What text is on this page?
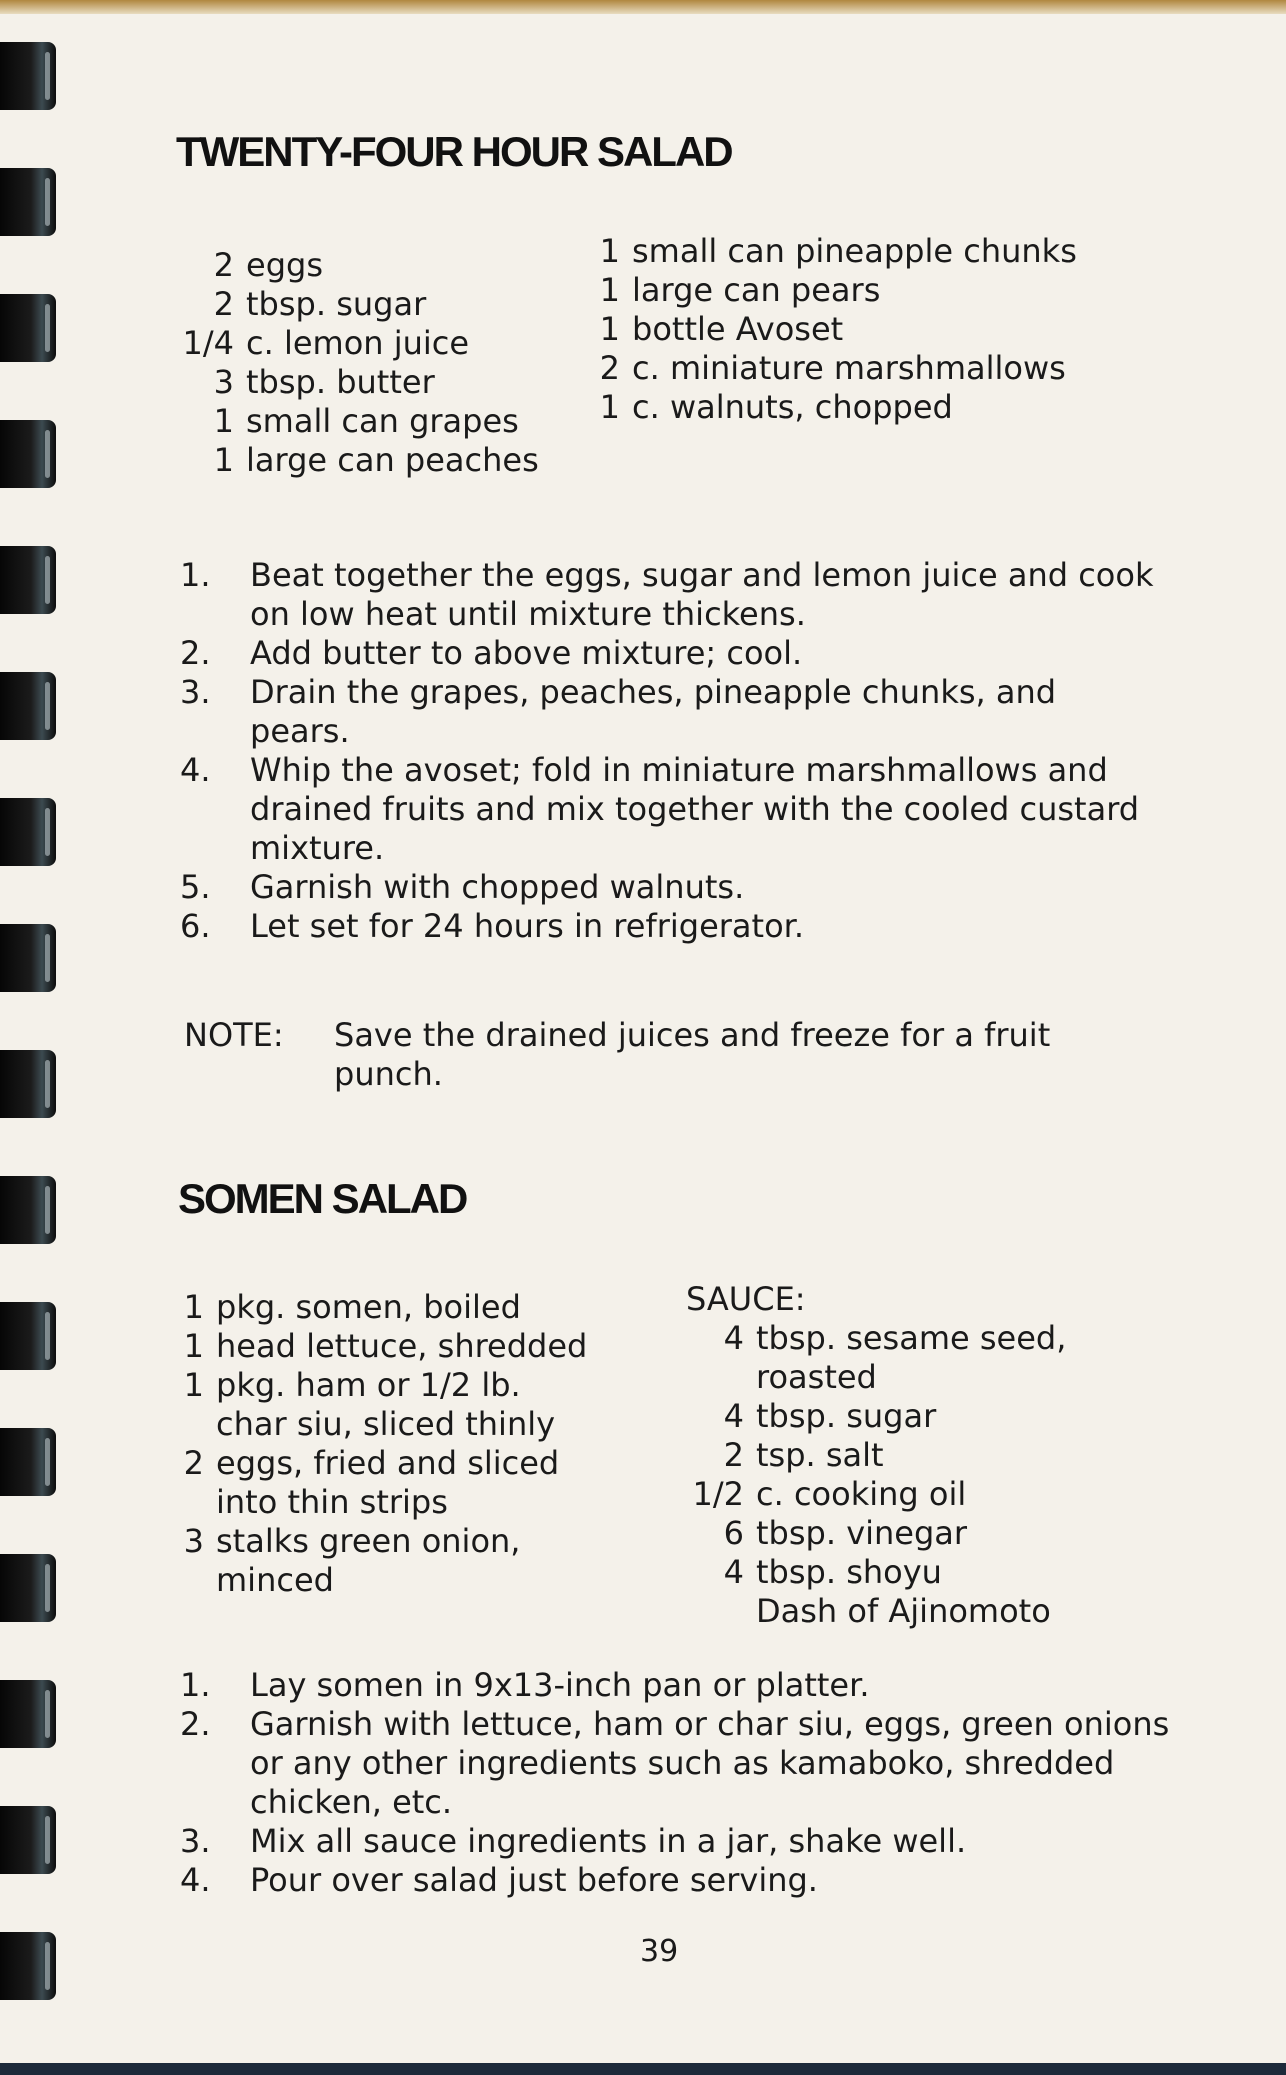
TWENTY-FOUR HOUR SALAD
2 eggs
2 tbsp. sugar
1/4 c. lemon juice
3 tbsp. butter
1 small can grapes
1 large can peaches
1 small can pineapple chunks
1 large can pears
1 bottle Avoset
2 c. miniature marshmallows
1 c. walnuts, chopped
1.	Beat together the eggs, sugar and lemon juice and cook on low heat until mixture thickens.
2.	Add butter to above mixture; cool.
3.	Drain the grapes, peaches, pineapple chunks, and pears.
4.	Whip the avoset; fold in miniature marshmallows and drained fruits and mix together with the cooled custard mixture.
5.	Garnish with chopped walnuts.
6.	Let set for 24 hours in refrigerator.
NOTE:	Save the drained juices and freeze for a fruit punch.
SOMEN SALAD
1 pkg. somen, boiled
1 head lettuce, shredded
1 pkg. ham or 1/2 lb.
char siu, sliced thinly
2 eggs, fried and sliced
into thin strips
3 stalks green onion,
minced
SAUCE:
4 tbsp. sesame seed,
roasted
4 tbsp. sugar
2 tsp. salt
1/2 c. cooking oil
6 tbsp. vinegar
4 tbsp. shoyu
Dash of Ajinomoto
1.	Lay somen in 9x13-inch pan or platter.
2.	Garnish with lettuce, ham or char siu, eggs, green onions or any other ingredients such as kamaboko, shredded chicken, etc.
3.	Mix all sauce ingredients in a jar, shake well.
4.	Pour over salad just before serving.
39
